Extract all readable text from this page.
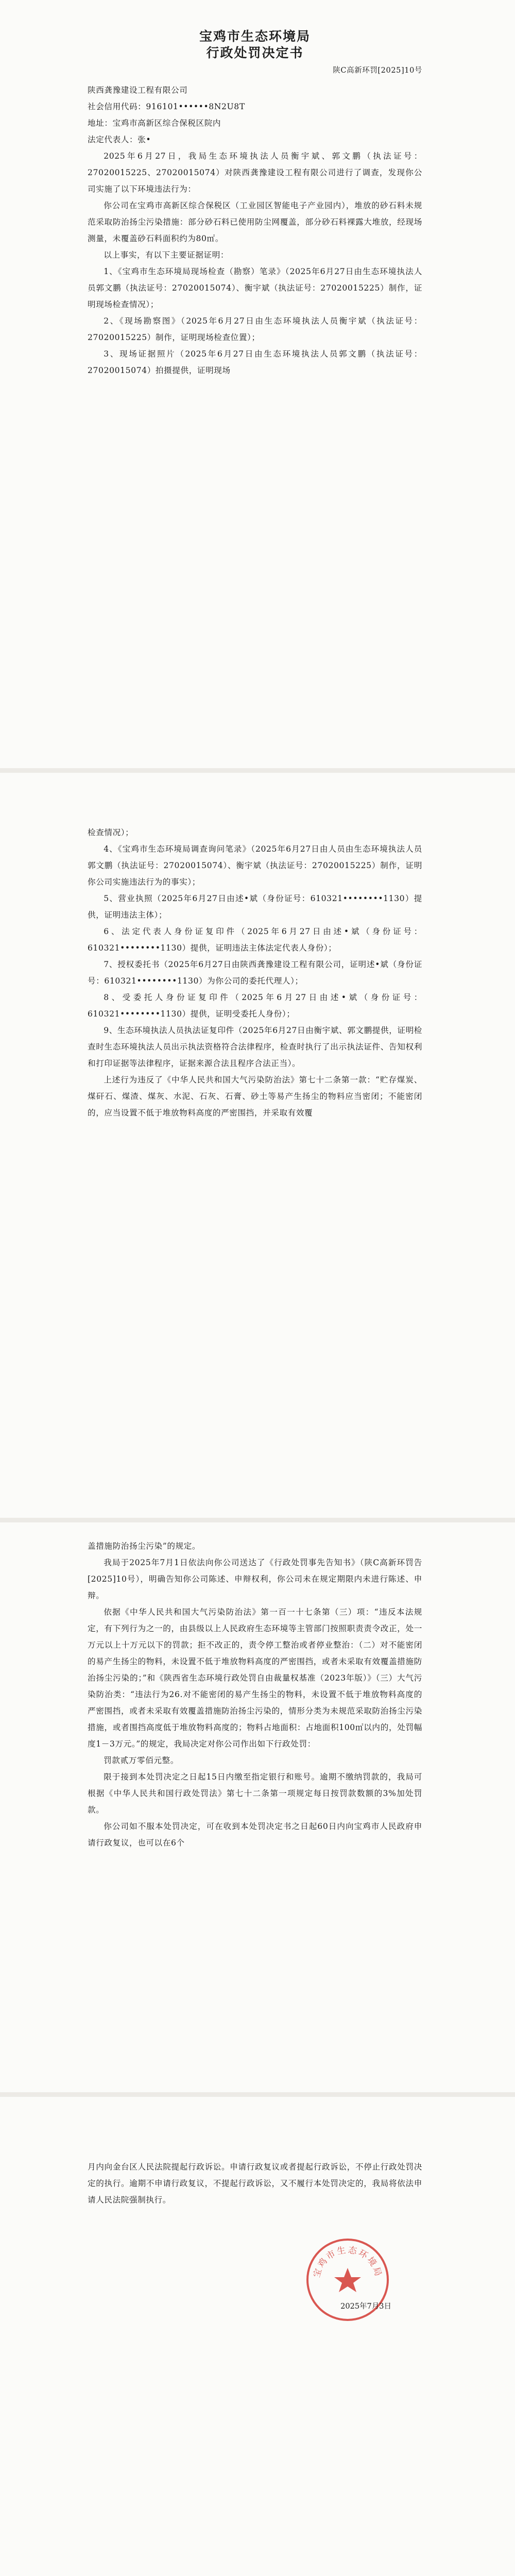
宝鸡市生态环境局
行政处罚决定书
陕C高新环罚[2025]10号

陕西龚豫建设工程有限公司

社会信用代码：916101••••••8N2U8T

地址：宝鸡市高新区综合保税区院内

法定代表人：张•

2025年6月27日，我局生态环境执法人员衡宇斌、郭文鹏（执法证号：27020015225、27020015074）对陕西龚豫建设工程有限公司进行了调查，发现你公司实施了以下环境违法行为：

你公司在宝鸡市高新区综合保税区（工业园区智能电子产业园内），堆放的砂石料未规范采取防治扬尘污染措施：部分砂石料已使用防尘网覆盖，部分砂石料裸露大堆放，经现场测量，未覆盖砂石料面积约为80㎡。

以上事实，有以下主要证据证明：

1、《宝鸡市生态环境局现场检查（勘察）笔录》（2025年6月27日由生态环境执法人员郭文鹏（执法证号：27020015074）、衡宇斌（执法证号：27020015225）制作，证明现场检查情况）；

2、《现场勘察图》（2025年6月27日由生态环境执法人员衡宇斌（执法证号：27020015225）制作，证明现场检查位置）；

3、现场证据照片（2025年6月27日由生态环境执法人员郭文鹏（执法证号：27020015074）拍摄提供，证明现场

检查情况）；

4、《宝鸡市生态环境局调查询问笔录》（2025年6月27日由人员由生态环境执法人员郭文鹏（执法证号：27020015074）、衡宇斌（执法证号：27020015225）制作，证明你公司实施违法行为的事实）；

5、营业执照（2025年6月27日由述•斌（身份证号：610321••••••••1130）提供，证明违法主体）；

6、法定代表人身份证复印件（2025年6月27日由述•斌（身份证号：610321••••••••1130）提供，证明违法主体法定代表人身份）；

7、授权委托书（2025年6月27日由陕西龚豫建设工程有限公司，证明述•斌（身份证号：610321••••••••1130）为你公司的委托代理人）；

8、受委托人身份证复印件（2025年6月27日由述•斌（身份证号：610321••••••••1130）提供，证明受委托人身份）；

9、生态环境执法人员执法证复印件（2025年6月27日由衡宇斌、郭文鹏提供，证明检查时生态环境执法人员出示执法资格符合法律程序，检查时执行了出示执法证件、告知权利和打印证据等法律程序，证据来源合法且程序合法正当）。

上述行为违反了《中华人民共和国大气污染防治法》第七十二条第一款：“贮存煤炭、煤矸石、煤渣、煤灰、水泥、石灰、石膏、砂土等易产生扬尘的物料应当密闭；不能密闭的，应当设置不低于堆放物料高度的严密围挡，并采取有效覆

盖措施防治扬尘污染”的规定。

我局于2025年7月1日依法向你公司送达了《行政处罚事先告知书》（陕C高新环罚告[2025]10号），明确告知你公司陈述、申辩权利，你公司未在规定期限内未进行陈述、申辩。

依据《中华人民共和国大气污染防治法》第一百一十七条第（三）项：“违反本法规定，有下列行为之一的，由县级以上人民政府生态环境等主管部门按照职责责令改正，处一万元以上十万元以下的罚款；拒不改正的，责令停工整治或者停业整治：（二）对不能密闭的易产生扬尘的物料，未设置不低于堆放物料高度的严密围挡，或者未采取有效覆盖措施防治扬尘污染的；”和《陕西省生态环境行政处罚自由裁量权基准（2023年版）》（三）大气污染防治类：“违法行为26.对不能密闭的易产生扬尘的物料，未设置不低于堆放物料高度的严密围挡，或者未采取有效覆盖措施防治扬尘污染的，情形分类为未规范采取防治扬尘污染措施，或者围挡高度低于堆放物料高度的；物料占地面积：占地面积100㎡以内的，处罚幅度1－3万元。”的规定，我局决定对你公司作出如下行政处罚：

罚款贰万零佰元整。

限于接到本处罚决定之日起15日内缴至指定银行和账号。逾期不缴纳罚款的，我局可根据《中华人民共和国行政处罚法》第七十二条第一项规定每日按罚款数额的3%加处罚款。

你公司如不服本处罚决定，可在收到本处罚决定书之日起60日内向宝鸡市人民政府申请行政复议，也可以在6个

月内向金台区人民法院提起行政诉讼。申请行政复议或者提起行政诉讼，不停止行政处罚决定的执行。逾期不申请行政复议，不提起行政诉讼，又不履行本处罚决定的，我局将依法申请人民法院强制执行。

宝鸡市生态环境局
2025年7月3日
